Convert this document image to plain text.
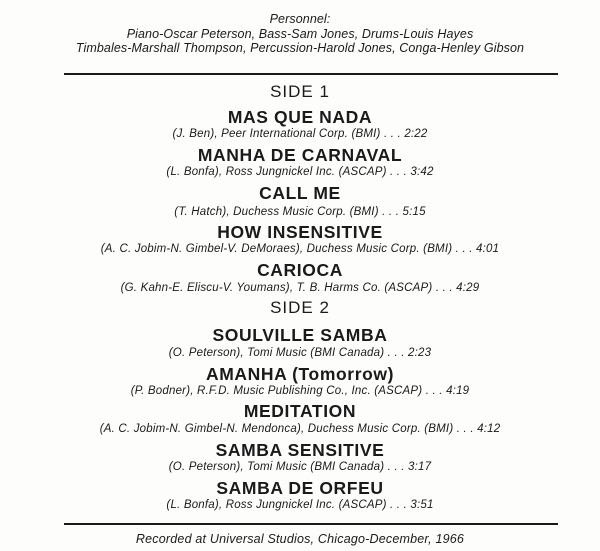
Personnel:
Piano-Oscar Peterson, Bass-Sam Jones, Drums-Louis Hayes
Timbales-Marshall Thompson, Percussion-Harold Jones, Conga-Henley Gibson
SIDE 1
MAS QUE NADA
(J. Ben), Peer International Corp. (BMI) . . . 2:22
MANHA DE CARNAVAL
(L. Bonfa), Ross Jungnickel Inc. (ASCAP) . . . 3:42
CALL ME
(T. Hatch), Duchess Music Corp. (BMI) . . . 5:15
HOW INSENSITIVE
(A. C. Jobim-N. Gimbel-V. DeMoraes), Duchess Music Corp. (BMI) . . . 4:01
CARIOCA
(G. Kahn-E. Eliscu-V. Youmans), T. B. Harms Co. (ASCAP) . . . 4:29
SIDE 2
SOULVILLE SAMBA
(O. Peterson), Tomi Music (BMI Canada) . . . 2:23
AMANHA (Tomorrow)
(P. Bodner), R.F.D. Music Publishing Co., Inc. (ASCAP) . . . 4:19
MEDITATION
(A. C. Jobim-N. Gimbel-N. Mendonca), Duchess Music Corp. (BMI) . . . 4:12
SAMBA SENSITIVE
(O. Peterson), Tomi Music (BMI Canada) . . . 3:17
SAMBA DE ORFEU
(L. Bonfa), Ross Jungnickel Inc. (ASCAP) . . . 3:51
Recorded at Universal Studios, Chicago-December, 1966
